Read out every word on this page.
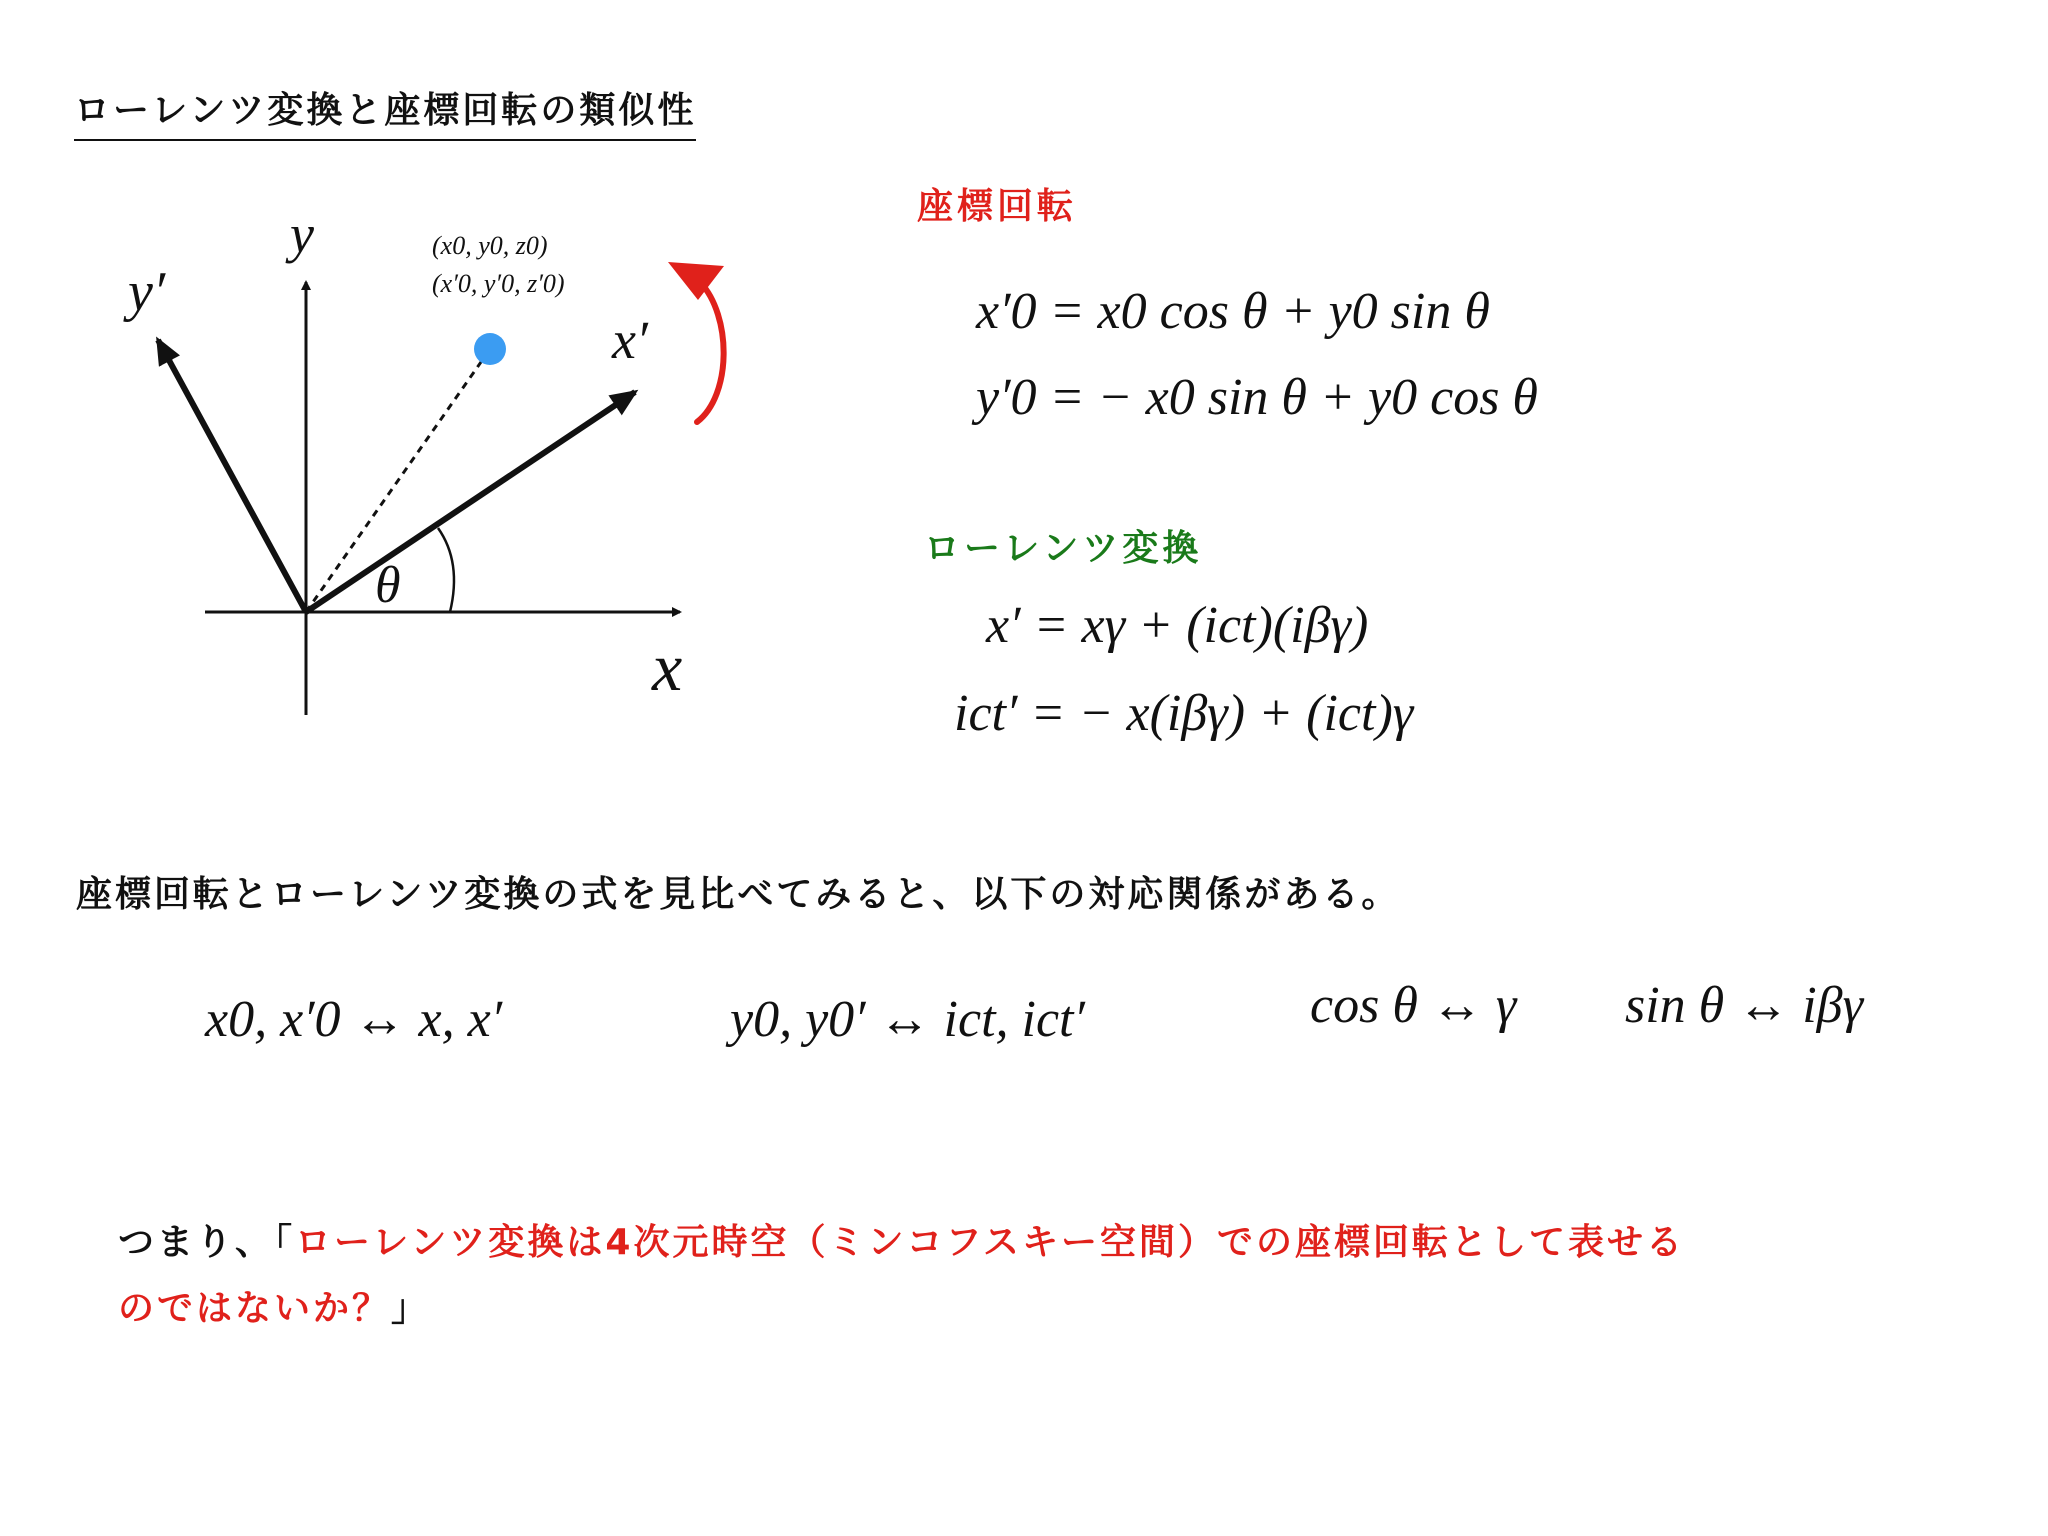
ローレンツ変換と座標回転の類似性
y
y′
x′
x
θ
(x0, y0, z0)
(x′0, y′0, z′0)
座標回転
x′0 = x0 cos θ + y0 sin θ
y′0 = − x0 sin θ + y0 cos θ
ローレンツ変換
x′ = xγ + (ict)(iβγ)
ict′ = − x(iβγ) + (ict)γ
座標回転とローレンツ変換の式を見比べてみると、以下の対応関係がある。
x0, x′0 ↔ x, x′	y0, y0′ ↔ ict, ict′	cos θ ↔ γ sin θ ↔ iβγ
つまり、「ローレンツ変換は4次元時空（ミンコフスキー空間）での座標回転として表せる
のではないか？」
